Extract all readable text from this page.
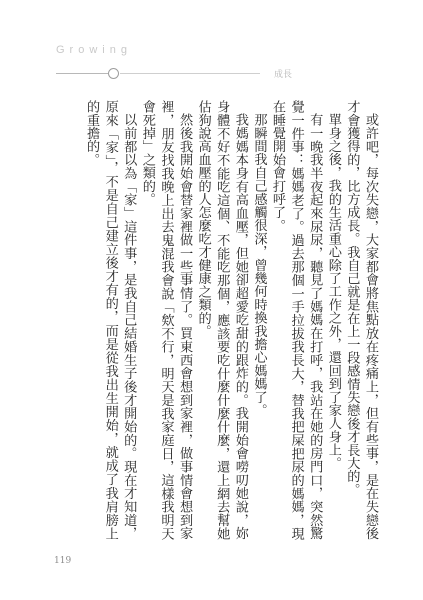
Growing
成長

或許吧，每次失戀，大家都會將焦點放在疼痛上，但有些事，是在失戀後才會獲得的，比方成長。我自己就是在上一段感情失戀後才長大的。

單身之後，我的生活重心除了工作之外，還回到了家人身上。

有一晚我半夜起來尿尿，聽見了媽媽在打呼，我站在她的房門口，突然驚覺一件事：媽媽老了。過去那個一手拉拔我長大，替我把屎把尿的媽媽，現在睡覺開始會打呼了。

那瞬間我自己感觸很深，曾幾何時換我擔心媽媽了。

我媽媽本身有高血壓，但她卻超愛吃甜的跟炸的。我開始會嘮叨她說，妳身體不好不能吃這個、不能吃那個，應該要吃什麼什麼什麼，還上網去幫她估狗說高血壓的人怎麼吃才健康之類的。

然後我開始會替家裡做一些事情了。買東西會想到家裡，做事情會想到家裡，朋友找我晚上出去鬼混我會說「欸不行，明天是我家庭日，這樣我明天會死掉」之類的。

以前都以為「家」這件事，是我自己結婚生子後才開始的。現在才知道，原來「家」，不是自己建立後才有的，而是從我出生開始，就成了我肩膀上的重擔的。

119
